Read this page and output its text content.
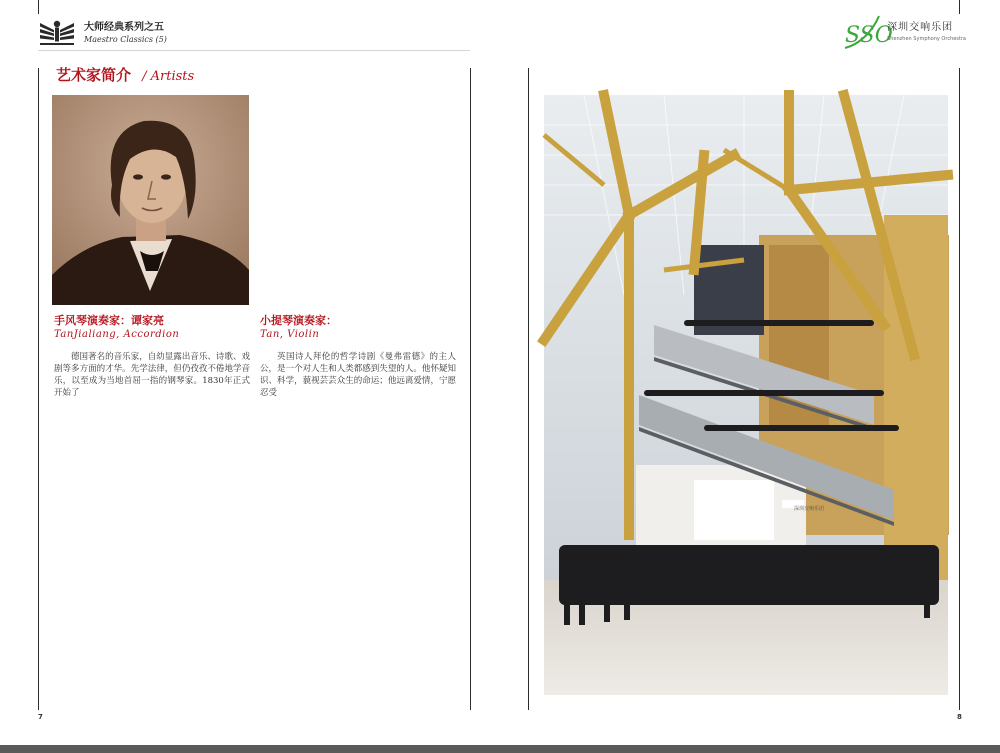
大师经典系列之五
Maestro Classics (5)	SSO
深圳交响乐团
Shenzhen Symphony Orchestra
艺术家简介 / Artists
手风琴演奏家：谭家亮
TanJialiang, Accordion
德国著名的音乐家，自幼显露出音乐、诗歌、戏剧等多方面的才华。先学法律，但仍孜孜不倦地学音乐，以至成为当地首屈一指的钢琴家。1830年正式开始了
小提琴演奏家：
Tan, Violin
英国诗人拜伦的哲学诗剧《曼弗雷德》的主人公，是一个对人生和人类都感到失望的人。他怀疑知识、科学，藐视芸芸众生的命运；他远离爱情，宁愿忍受
深圳交响乐团
7	8
